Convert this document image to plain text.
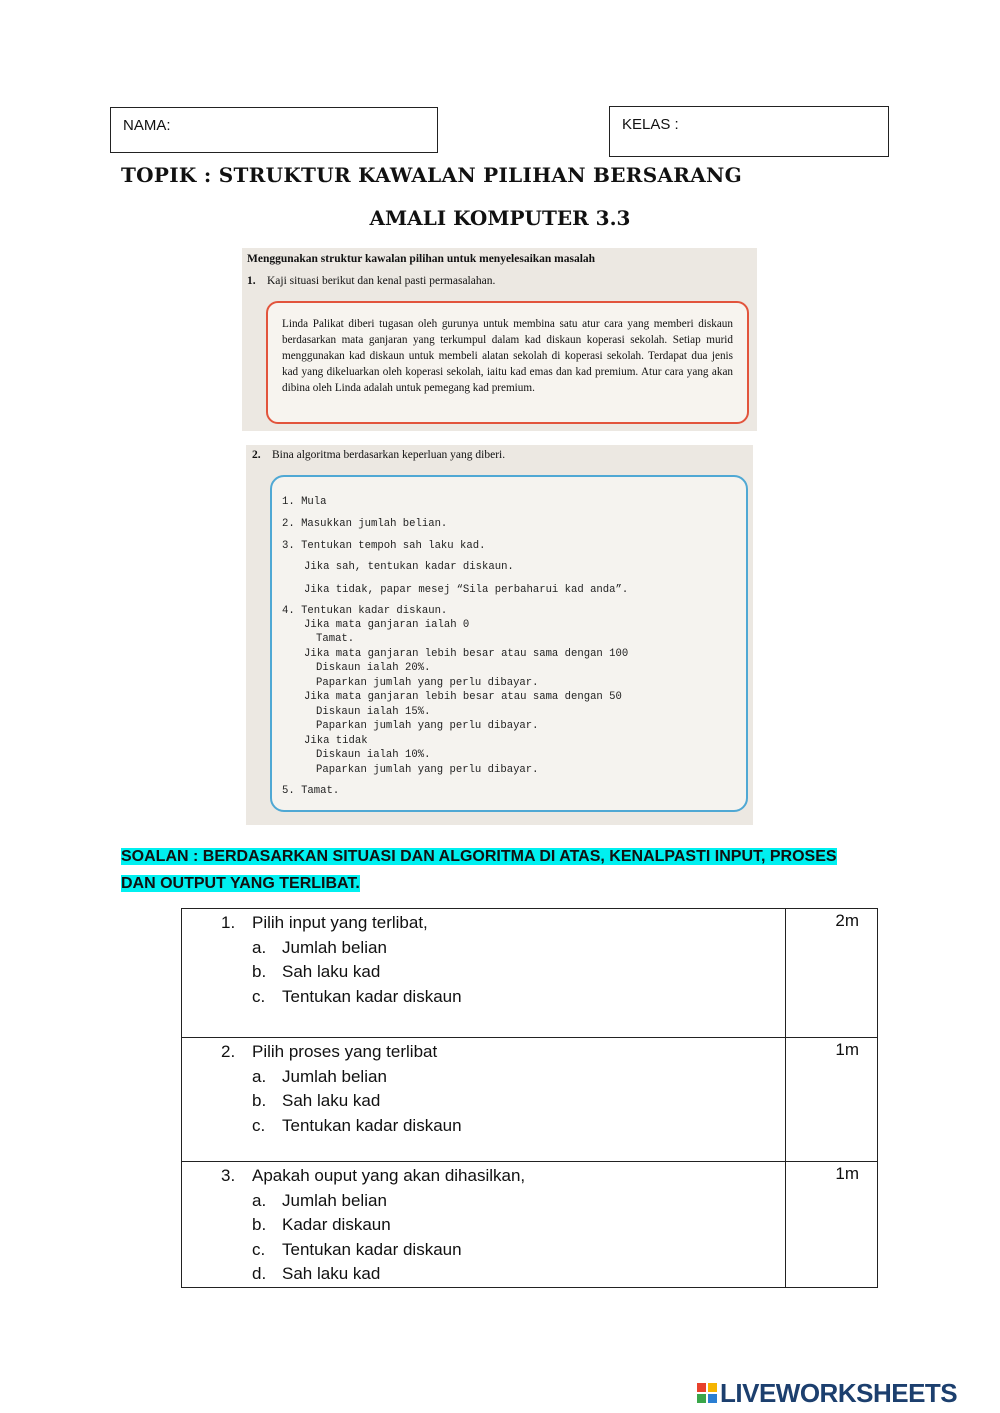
NAMA:	KELAS :
TOPIK : STRUKTUR KAWALAN PILIHAN BERSARANG
AMALI KOMPUTER 3.3
Menggunakan struktur kawalan pilihan untuk menyelesaikan masalah
1. Kaji situasi berikut dan kenal pasti permasalahan.
Linda Palikat diberi tugasan oleh gurunya untuk membina satu atur cara yang memberi diskaun berdasarkan mata ganjaran yang terkumpul dalam kad diskaun koperasi sekolah. Setiap murid menggunakan kad diskaun untuk membeli alatan sekolah di koperasi sekolah. Terdapat dua jenis kad yang dikeluarkan oleh koperasi sekolah, iaitu kad emas dan kad premium. Atur cara yang akan dibina oleh Linda adalah untuk pemegang kad premium.
2. Bina algoritma berdasarkan keperluan yang diberi.
1. Mula
2. Masukkan jumlah belian.
3. Tentukan tempoh sah laku kad.
Jika sah, tentukan kadar diskaun.
Jika tidak, papar mesej “Sila perbaharui kad anda”.
4. Tentukan kadar diskaun.
Jika mata ganjaran ialah 0
Tamat.
Jika mata ganjaran lebih besar atau sama dengan 100
Diskaun ialah 20%.
Paparkan jumlah yang perlu dibayar.
Jika mata ganjaran lebih besar atau sama dengan 50
Diskaun ialah 15%.
Paparkan jumlah yang perlu dibayar.
Jika tidak
Diskaun ialah 10%.
Paparkan jumlah yang perlu dibayar.
5. Tamat.
SOALAN : BERDASARKAN SITUASI DAN ALGORITMA DI ATAS, KENALPASTI INPUT, PROSES
DAN OUTPUT YANG TERLIBAT.
1. Pilih input yang terlibat,
a. Jumlah belian
b. Sah laku kad
c. Tentukan kadar diskaun	2m

2. Pilih proses yang terlibat
a. Jumlah belian
b. Sah laku kad
c. Tentukan kadar diskaun	1m

3. Apakah ouput yang akan dihasilkan,
a. Jumlah belian
b. Kadar diskaun
c. Tentukan kadar diskaun
d. Sah laku kad	1m
LIVEWORKSHEETS
